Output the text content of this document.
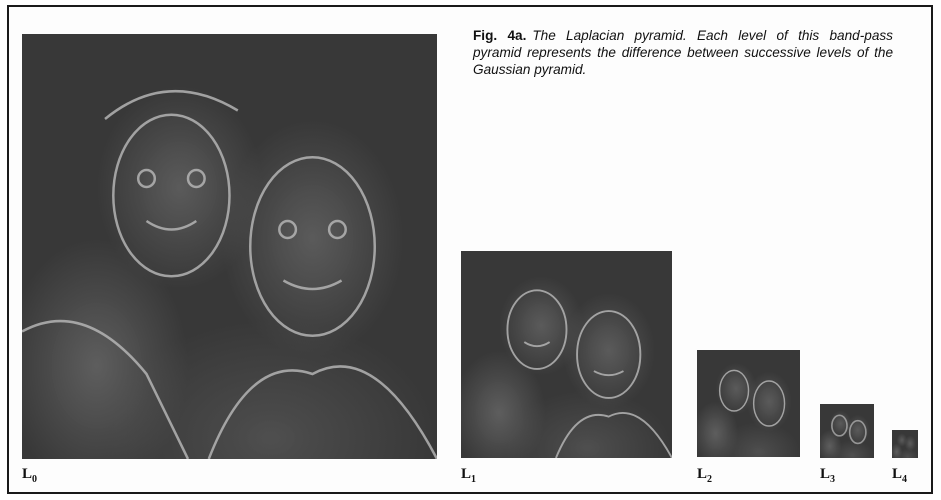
Fig. 4a. The Laplacian pyramid. Each level of this band-pass pyramid represents the difference between successive levels of the Gaussian pyramid.
$L_0$	$L_1$	$L_2$	$L_3$	$L_4$
